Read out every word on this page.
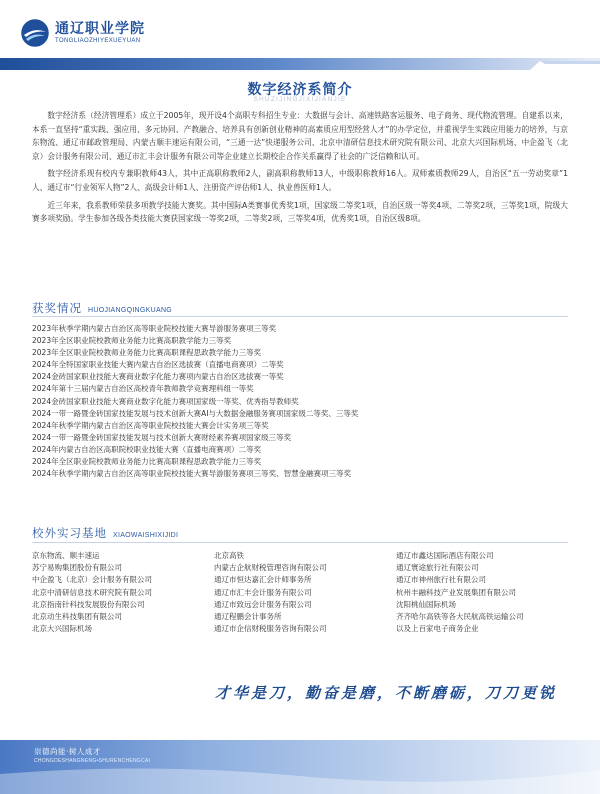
通辽职业学院
TONGLIAOZHIYEXUEYUAN
数字经济系简介
SHUZIJINGJIXIJIANJIE

数字经济系（经济管理系）成立于2005年，现开设4个高职专科招生专业：大数据与会计、高速铁路客运服务、电子商务、现代物流管理。自建系以来，本系一直坚持“重实践、强应用、多元协同、产教融合、培养具有创新创业精神的高素质应用型经营人才”的办学定位，并重视学生实践应用能力的培养，与京东物流、通辽市邮政管理局、内蒙古顺丰速运有限公司，“三通一达”快递服务公司、北京中清研信息技术研究院有限公司、北京大兴国际机场、中企盈飞（北京）会计服务有限公司、通辽市汇丰会计服务有限公司等企业建立长期校企合作关系赢得了社会的广泛信赖和认可。

数字经济系现有校内专兼职教师43人，其中正高职称教师2人，副高职称教师13人，中级职称教师16人。双师素质教师29人，自治区“五一劳动奖章”1人、通辽市“行业领军人物”2人、高级会计师1人、注册资产评估师1人、执业兽医师1人。

近三年来，我系教师荣获多项教学技能大赛奖。其中国际A类赛事优秀奖1项，国家级二等奖1项，自治区级一等奖4项、二等奖2项，三等奖1项，院级大赛多项奖励。学生参加各级各类技能大赛获国家级一等奖2项，二等奖2项，三等奖4项，优秀奖1项，自治区级8项。

获奖情况 HUOJIANGQINGKUANG
2023年秋季学期内蒙古自治区高等职业院校技能大赛导游服务赛项三等奖
2023年全区职业院校教师业务能力比赛高职教学能力三等奖
2023年全区职业院校教师业务能力比赛高职课程思政教学能力三等奖
2024年全特国家职业技能大赛内蒙古自治区选拔赛（直播电商赛项）二等奖
2024金砖国家职业技能大赛商业数字化能力赛项内蒙古自治区选拔赛一等奖
2024年第十三届内蒙古自治区高校青年教师教学竞赛理科组一等奖
2024金砖国家职业技能大赛商业数字化能力赛项国家级一等奖、优秀指导教师奖
2024一带一路暨金砖国家技能发展与技术创新大赛AI与大数据金融服务赛项国家级二等奖、三等奖
2024年秋季学期内蒙古自治区高等职业院校技能大赛会计实务项三等奖
2024一带一路暨金砖国家技能发展与技术创新大赛财经素养赛项国家级三等奖
2024年内蒙古自治区高职院校职业技能大赛（直播电商赛项）二等奖
2024年全区职业院校教师业务能力比赛高职课程思政教学能力三等奖
2024年秋季学期内蒙古自治区高等职业院校技能大赛导游服务赛项三等奖、智慧金融赛项三等奖
校外实习基地 XIAOWAISHIXIJIDI
京东物流、顺丰速运
苏宁易购集团股份有限公司
中企盈飞（北京）会计服务有限公司
北京中清研信息技术研究院有限公司
北京指南针科技发展股份有限公司
北京动生科技集团有限公司
北京大兴国际机场
北京高铁
内蒙古企航财税管理咨询有限公司
通辽市恒达嘉汇会计师事务所
通辽市汇丰会计服务有限公司
通辽市致远会计服务有限公司
通辽程鹏会计事务所
通辽市企信财税服务咨询有限公司
通辽市鑫达国际酒店有限公司
通辽寰途旅行社有限公司
通辽市神州旅行社有限公司
杭州丰融科技产业发展集团有限公司
沈阳桃仙国际机场
齐齐哈尔高铁等各大民航高铁运输公司
以及上百家电子商务企业
才华是刀，勤奋是磨，不断磨砺，刀刀更锐
崇德尚能·树人成才
CHONGDESHANGNENG•SHURENCHENGCAI
